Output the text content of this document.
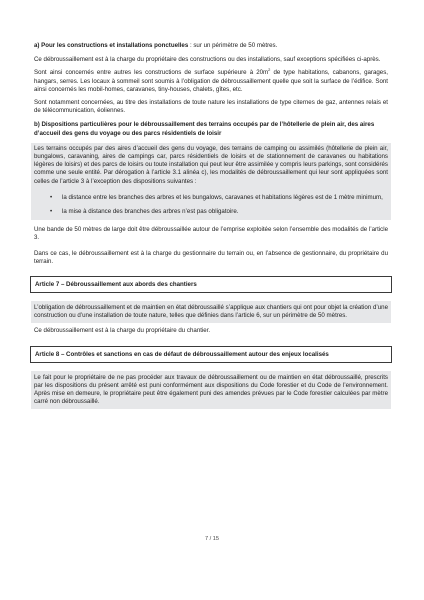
a) Pour les constructions et installations ponctuelles : sur un périmètre de 50 mètres.

Ce débroussaillement est à la charge du propriétaire des constructions ou des installations, sauf exceptions spécifiées ci-après.

Sont ainsi concernés entre autres les constructions de surface supérieure à $20m^2$ de type habitations, cabanons, garages, hangars, serres. Les locaux à sommeil sont soumis à l’obligation de débroussaillement quelle que soit la surface de l’édifice. Sont ainsi concernés les mobil-homes, caravanes, tiny-houses, chalets, gîtes, etc.

Sont notamment concernées, au titre des installations de toute nature les installations de type citernes de gaz, antennes relais et de télécommunication, éoliennes.

b) Dispositions particulières pour le débroussaillement des terrains occupés par de l’hôtellerie de plein air, des aires d’accueil des gens du voyage ou des parcs résidentiels de loisir

Les terrains occupés par des aires d’accueil des gens du voyage, des terrains de camping ou assimilés (hôtellerie de plein air, bungalows, caravaning, aires de campings car, parcs résidentiels de loisirs et de stationnement de caravanes ou habitations légères de loisirs) et des parcs de loisirs ou toute installation qui peut leur être assimilée y compris leurs parkings, sont considérés comme une seule entité. Par dérogation à l’article 3.1 alinéa c), les modalités de débroussaillement qui leur sont appliquées sont celles de l’article 3 à l’exception des dispositions suivantes :

• la distance entre les branches des arbres et les bungalows, caravanes et habitations légères est de 1 mètre minimum,
• la mise à distance des branches des arbres n’est pas obligatoire.

Une bande de 50 mètres de large doit être débroussaillée autour de l’emprise exploitée selon l’ensemble des modalités de l’article 3.

Dans ce cas, le débroussaillement est à la charge du gestionnaire du terrain ou, en l’absence de gestionnaire, du propriétaire du terrain.

Article 7 – Débroussaillement aux abords des chantiers

L’obligation de débroussaillement et de maintien en état débroussaillé s’applique aux chantiers qui ont pour objet la création d’une construction ou d’une installation de toute nature, telles que définies dans l’article 6, sur un périmètre de 50 mètres.

Ce débroussaillement est à la charge du propriétaire du chantier.

Article 8 – Contrôles et sanctions en cas de défaut de débroussaillement autour des enjeux localisés

Le fait pour le propriétaire de ne pas procéder aux travaux de débroussaillement ou de maintien en état débroussaillé, prescrits par les dispositions du présent arrêté est puni conformément aux dispositions du Code forestier et du Code de l’environnement. Après mise en demeure, le propriétaire peut être également puni des amendes prévues par le Code forestier calculées par mètre carré non débroussaillé.

7 / 15
